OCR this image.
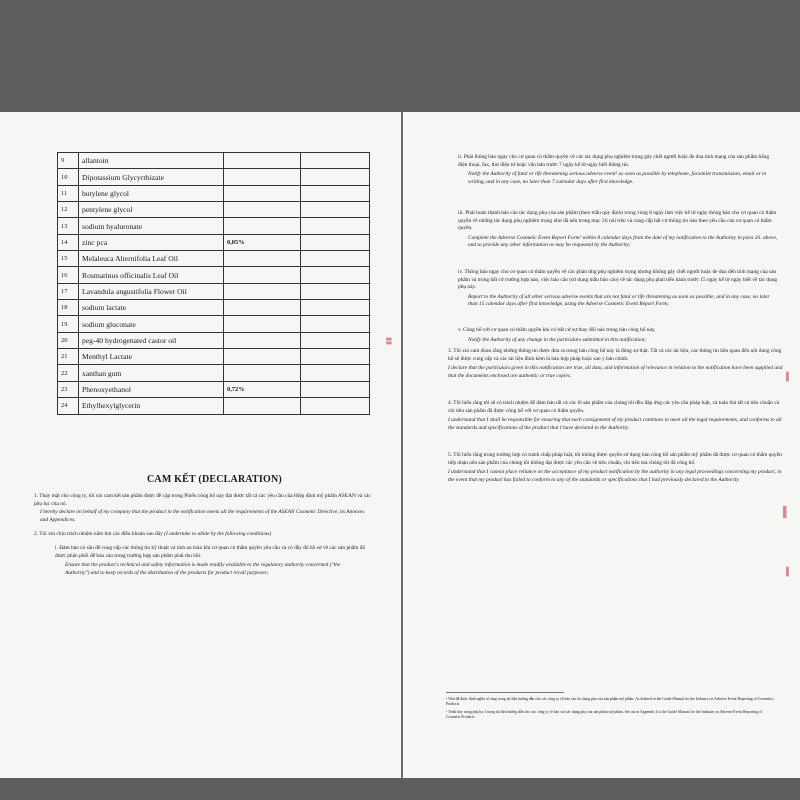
9	allantoin		
10	Dipotassium Glycyrrhizate		
11	butylene glycol		
12	pentylene glycol		
13	sodium hyaluronate		
14	zinc pca	0,05%	
15	Melaleuca Alternifolia Leaf Oil		
16	Rosmarinus officinalis Leaf Oil		
17	Lavandula angustifolia Flower Oil		
18	sodium lactate		
19	sodium gluconate		
20	peg-40 hydrogenated castor oil		
21	Menthyl Lactate		
22	xanthan gum		
23	Phenoxyethanol	0,72%	
24	Ethylhexylglycerin		
CAM KẾT (DECLARATION)
1. Thay mặt cho công ty, tôi xin cam kết sản phẩm được đề cập trong Phiếu công bố này đạt được tất cả các yêu cầu của Hiệp định mỹ phẩm ASEAN và các phụ lục của nó.
I hereby declare on behalf of my company that the product in the notification meets all the requirements of the ASEAN Cosmetic Directive, its Annexes and Appendices.
2. Tôi xin chịu trách nhiệm nắm thủ các điều khoản sau đây (I undertake to abide by the following conditions)
i. Đảm bảo có sẵn để cung cấp các thông tin kỹ thuật và tính an toàn khi cơ quan có thẩm quyền yêu cầu và có đầy đủ hồ sơ về các sản phẩm đã được phân phối để báo cáo trong trường hợp sản phẩm phải thu hồi.
Ensure that the product's technical and safety information is made readily available to the regulatory authority concerned ("the Authority") and to keep records of the distribution of the products for product recall purposes;
▮▮
ii. Phải thông báo ngay cho cơ quan có thẩm quyền về các tác dụng phụ nghiêm trọng gây chết người hoặc đe doạ tính mạng của sản phẩm bằng điện thoại, fax, thư điện tử hoặc văn bản trước 7 ngày kể từ ngày biết thông tin.
Notify the Authority of fatal or life threatening serious adverse event¹ as soon as possible by telephone, facsimile transmission, email or in writing, and in any case, no later than 7 calendar days after first knowledge.
iii. Phải hoàn thành báo cáo tác dụng phụ của sản phẩm (theo mẫu quy định) trong vòng 8 ngày làm việc kể từ ngày thông báo cho cơ quan có thẩm quyền về những tác dụng phụ nghiêm trọng như đã nêu trong mục 2ii nói trên và cung cấp bất cứ thông tin nào theo yêu cầu của cơ quan có thẩm quyền.
Complete the Adverse Cosmetic Event Report Form² within 8 calendar days from the date of my notification to the Authority in para 2ii. above, and to provide any other information as may be requested by the Authority;
iv. Thông báo ngay cho cơ quan có thẩm quyền về các phản ứng phụ nghiêm trọng nhưng không gây chết người hoặc đe dọa đến tính mạng của sản phẩm và trong bất cứ trường hợp nào, việc báo cáo (sử dụng mẫu báo cáo) về tác dụng phụ phải tiến hành trước 15 ngày kể từ ngày biết về tác dụng phụ này.
Report to the Authority of all other serious adverse events that are not fatal or life threatening as soon as possible, and in any case, no later than 15 calendar days after first knowledge, using the Adverse Cosmetic Event Report Form;
v. Công bố với cơ quan có thẩm quyền khi có bất cứ sự thay đổi nào trong bản công bố này.
Notify the Authority of any change in the particulars submitted in this notification;
3. Tôi xin cam đoan rằng những thông tin được đưa ra trong bản công bố này là đúng sự thật. Tất cả các tài liệu, các thông tin liên quan đến nội dung công bố sẽ được cung cấp và các tài liệu đính kèm là bản hợp pháp hoặc sao y bản chính.
I declare that the particulars given in this notification are true, all data, and information of relevance in relation to the notification have been supplied and that the documents enclosed are authentic or true copies.
4. Tôi hiểu rằng tôi sẽ có trách nhiệm để đảm bảo tất cả các lô sản phẩm của chúng tôi đều đáp ứng các yêu cầu pháp luật, và tuân thủ tất cả tiêu chuẩn và chi tiêu sản phẩm đã được công bố với cơ quan có thẩm quyền.
I understand that I shall be responsible for ensuring that each consignment of my product continues to meet all the legal requirements, and conforms to all the standards and specifications of the product that I have declared to the Authority.
5. Tôi hiểu rằng trong trường hợp có tranh chấp pháp luật, tôi không được quyền sử dụng bản công bố sản phẩm mỹ phẩm đã được cơ quan có thẩm quyền tiếp nhận nếu sản phẩm của chúng tôi không đạt được các yêu cầu về tiêu chuẩn, chi tiêu mà chúng tôi đã công bố.
I understand that I cannot place reliance on the acceptance of my product notification by the authority in any legal proceedings concerning my product, in the event that my product has failed to conform to any of the standards or specifications that I had previously declared to the Authority.
¹ Như đã được định nghĩa rõ ràng trong tài liệu hướng dẫn cho các công ty về báo cáo tác dụng phụ của sản phẩm mỹ phẩm. As defined in the Guide Manual for the Industry on Adverse Event Reporting of Cosmetics Products
² Trình bày trong phụ lục I trong tài liệu hướng dẫn cho các công ty về báo cáo tác dụng phụ của sản phẩm mỹ phẩm. Set out in Appendix I to the Guide Manual for the Industry on Adverse Event Reporting of Cosmetic Products
▌
▌
▌
